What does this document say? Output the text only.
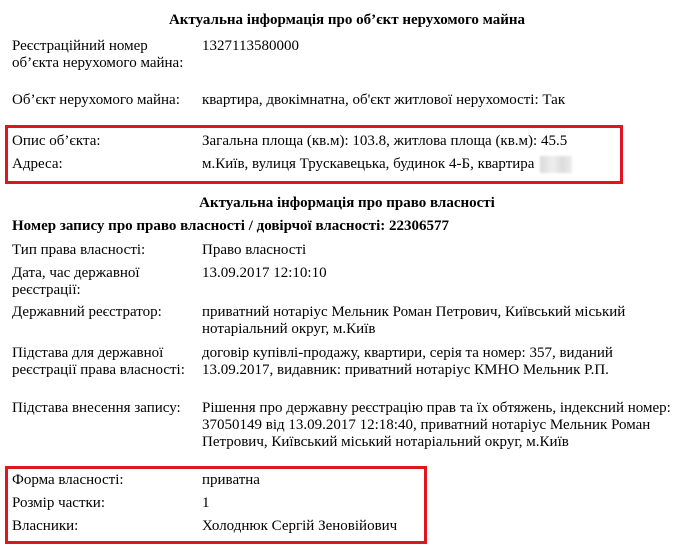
Актуальна інформація про об’єкт нерухомого майна
Реєстраційний номер об’єкта нерухомого майна:
1327113580000
Об’єкт нерухомого майна:	квартира, двокімнатна, об'єкт житлової нерухомості: Так
Опис об’єкта:	Загальна площа (кв.м): 103.8, житлова площа (кв.м): 45.5
Адреса:	м.Київ, вулиця Трускавецька, будинок 4-Б, квартира
Актуальна інформація про право власності
Номер запису про право власності / довірчої власності: 22306577
Тип права власності:	Право власності
Дата, час державної реєстрації:
13.09.2017 12:10:10
Державний реєстратор:	приватний нотаріус Мельник Роман Петрович, Київський міський нотаріальний округ, м.Київ
Підстава для державної реєстрації права власності:
договір купівлі-продажу, квартири, серія та номер: 357, виданий 13.09.2017, видавник: приватний нотаріус КМНО Мельник Р.П.
Підстава внесення запису:	Рішення про державну реєстрацію прав та їх обтяжень, індексний номер: 37050149 від 13.09.2017 12:18:40, приватний нотаріус Мельник Роман Петрович, Київський міський нотаріальний округ, м.Київ
Форма власності:	приватна
Розмір частки:	1
Власники:	Холоднюк Сергій Зеновійович
